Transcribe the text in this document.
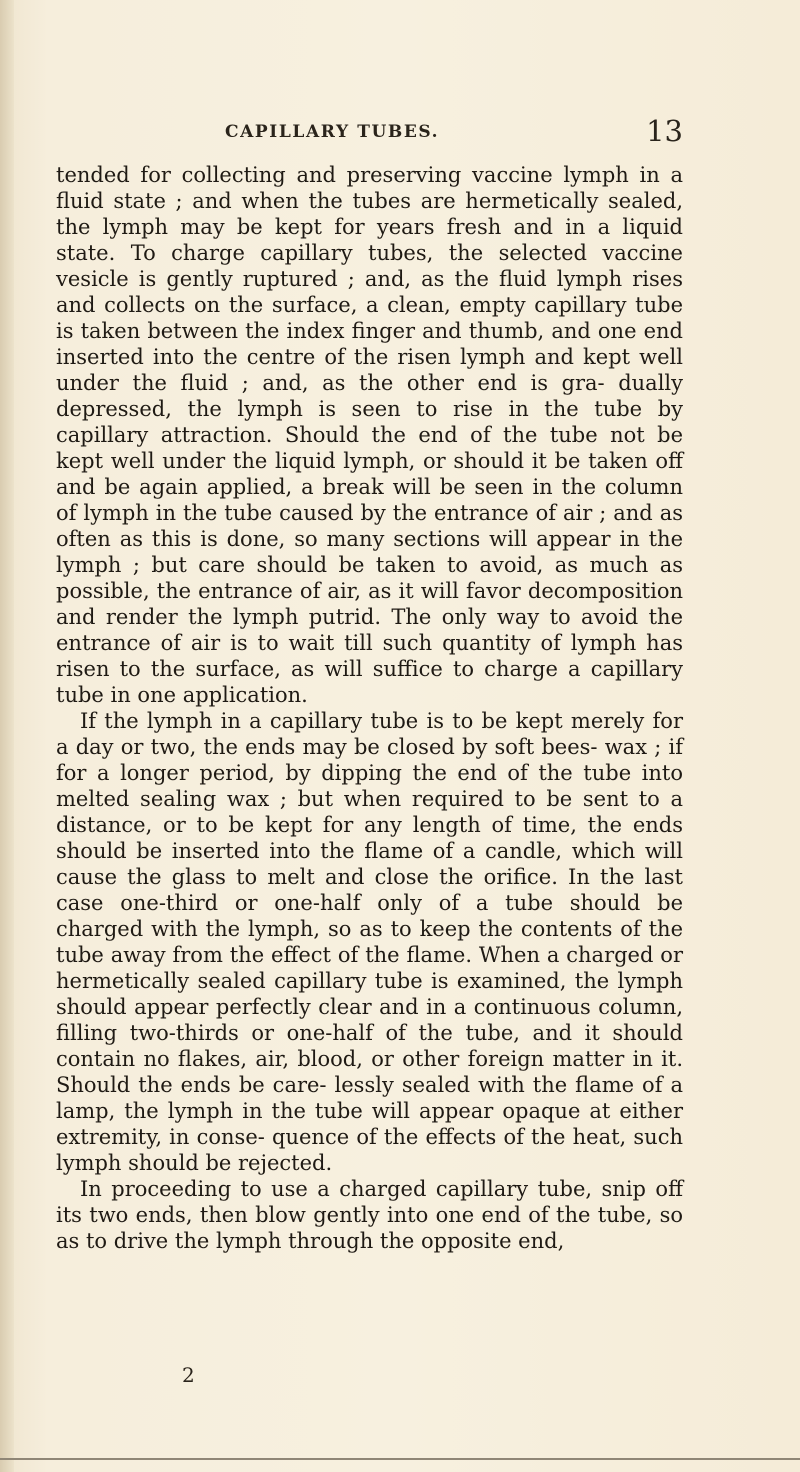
CAPILLARY TUBES.	13

tended for collecting and preserving vaccine lymph in a fluid state ; and when the tubes are hermetically sealed, the lymph may be kept for years fresh and in a liquid state. To charge capillary tubes, the selected vaccine vesicle is gently ruptured ; and, as the fluid lymph rises and collects on the surface, a clean, empty capillary tube is taken between the index finger and thumb, and one end inserted into the centre of the risen lymph and kept well under the fluid ; and, as the other end is gra- dually depressed, the lymph is seen to rise in the tube by capillary attraction. Should the end of the tube not be kept well under the liquid lymph, or should it be taken off and be again applied, a break will be seen in the column of lymph in the tube caused by the entrance of air ; and as often as this is done, so many sections will appear in the lymph ; but care should be taken to avoid, as much as possible, the entrance of air, as it will favor decomposition and render the lymph putrid. The only way to avoid the entrance of air is to wait till such quantity of lymph has risen to the surface, as will suffice to charge a capillary tube in one application.

If the lymph in a capillary tube is to be kept merely for a day or two, the ends may be closed by soft bees- wax ; if for a longer period, by dipping the end of the tube into melted sealing wax ; but when required to be sent to a distance, or to be kept for any length of time, the ends should be inserted into the flame of a candle, which will cause the glass to melt and close the orifice. In the last case one-third or one-half only of a tube should be charged with the lymph, so as to keep the contents of the tube away from the effect of the flame. When a charged or hermetically sealed capillary tube is examined, the lymph should appear perfectly clear and in a continuous column, filling two-thirds or one-half of the tube, and it should contain no flakes, air, blood, or other foreign matter in it. Should the ends be care- lessly sealed with the flame of a lamp, the lymph in the tube will appear opaque at either extremity, in conse- quence of the effects of the heat, such lymph should be rejected.

In proceeding to use a charged capillary tube, snip off its two ends, then blow gently into one end of the tube, so as to drive the lymph through the opposite end,

2
